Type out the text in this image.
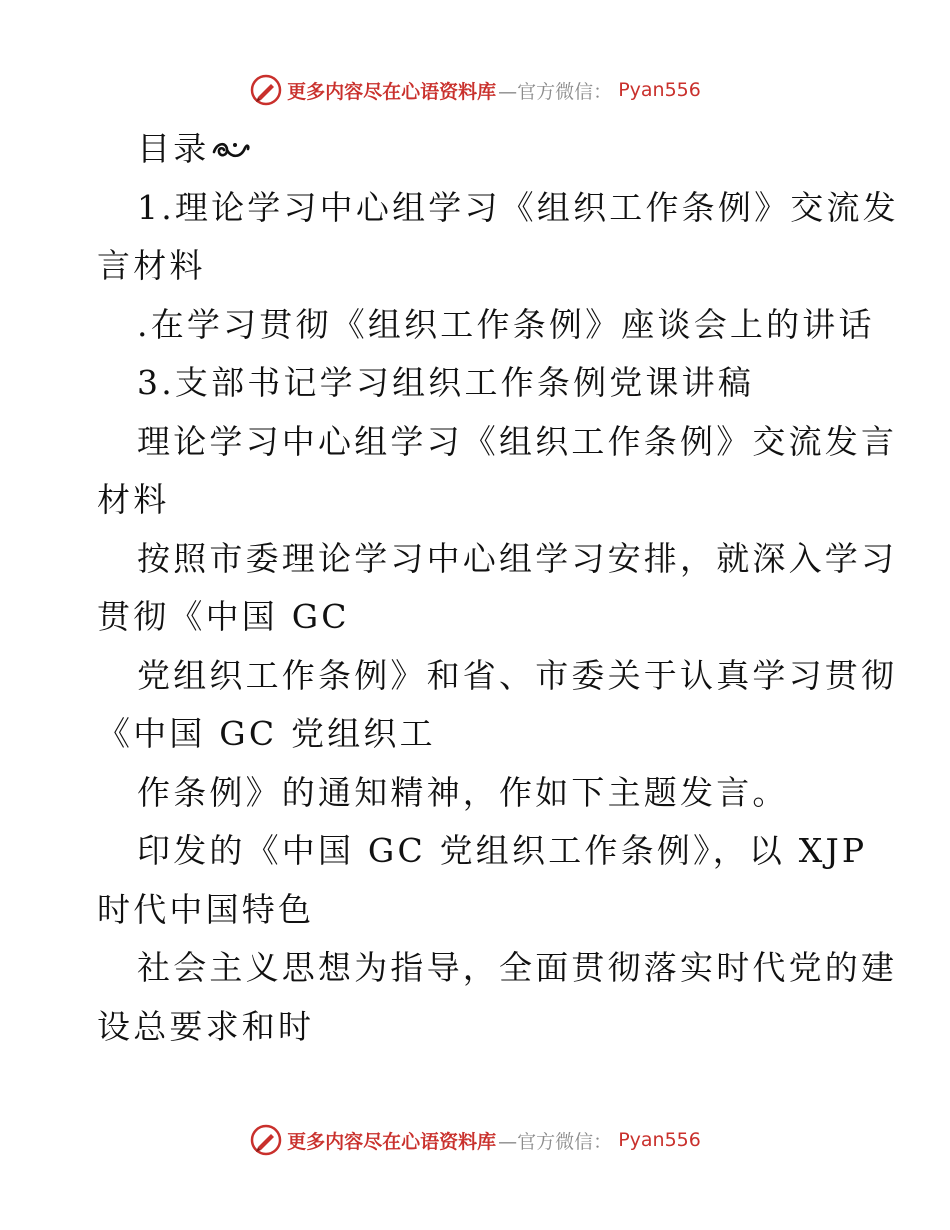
更多内容尽在心语资料库 —官方微信： Pyan556
目录
1.理论学习中心组学习《组织工作条例》交流发
言材料
.在学习贯彻《组织工作条例》座谈会上的讲话
3.支部书记学习组织工作条例党课讲稿
理论学习中心组学习《组织工作条例》交流发言
材料
按照市委理论学习中心组学习安排，就深入学习
贯彻《中国 GC
党组织工作条例》和省、市委关于认真学习贯彻
《中国 GC 党组织工
作条例》的通知精神，作如下主题发言。
印发的《中国 GC 党组织工作条例》，以 XJP
时代中国特色
社会主义思想为指导，全面贯彻落实时代党的建
设总要求和时
更多内容尽在心语资料库 —官方微信： Pyan556
